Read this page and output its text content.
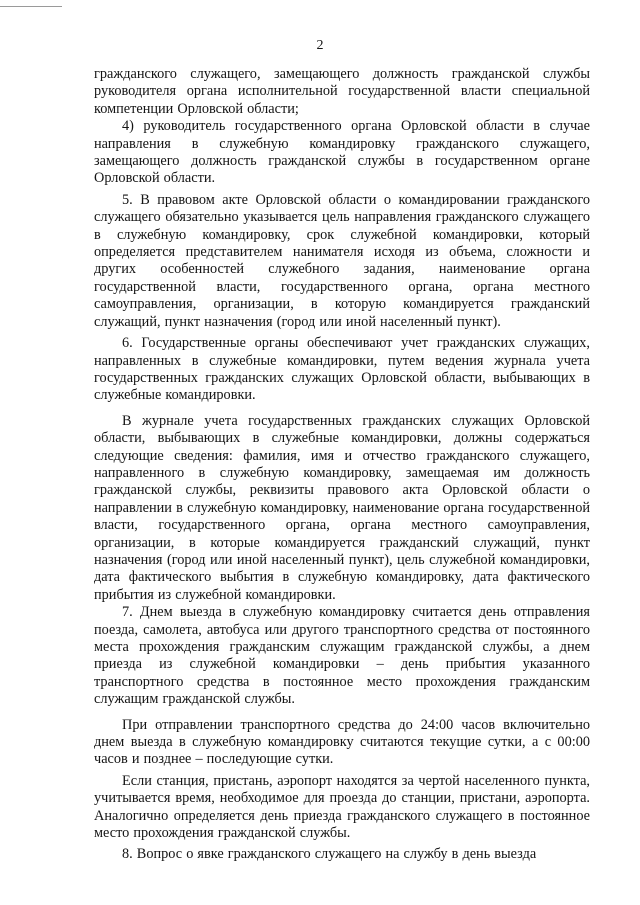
2

гражданского служащего, замещающего должность гражданской службы руководителя органа исполнительной государственной власти специальной компетенции Орловской области;

4) руководитель государственного органа Орловской области в случае направления в служебную командировку гражданского служащего, замещающего должность гражданской службы в государственном органе Орловской области.

5. В правовом акте Орловской области о командировании гражданского служащего обязательно указывается цель направления гражданского служащего в служебную командировку, срок служебной командировки, который определяется представителем нанимателя исходя из объема, сложности и других особенностей служебного задания, наименование органа государственной власти, государственного органа, органа местного самоуправления, организации, в которую командируется гражданский служащий, пункт назначения (город или иной населенный пункт).

6. Государственные органы обеспечивают учет гражданских служащих, направленных в служебные командировки, путем ведения журнала учета государственных гражданских служащих Орловской области, выбывающих в служебные командировки.

В журнале учета государственных гражданских служащих Орловской области, выбывающих в служебные командировки, должны содержаться следующие сведения: фамилия, имя и отчество гражданского служащего, направленного в служебную командировку, замещаемая им должность гражданской службы, реквизиты правового акта Орловской области о направлении в служебную командировку, наименование органа государственной власти, государственного органа, органа местного самоуправления, организации, в которые командируется гражданский служащий, пункт назначения (город или иной населенный пункт), цель служебной командировки, дата фактического выбытия в служебную командировку, дата фактического прибытия из служебной командировки.

7. Днем выезда в служебную командировку считается день отправления поезда, самолета, автобуса или другого транспортного средства от постоянного места прохождения гражданским служащим гражданской службы, а днем приезда из служебной командировки – день прибытия указанного транспортного средства в постоянное место прохождения гражданским служащим гражданской службы.

При отправлении транспортного средства до 24:00 часов включительно днем выезда в служебную командировку считаются текущие сутки, а с 00:00 часов и позднее – последующие сутки.

Если станция, пристань, аэропорт находятся за чертой населенного пункта, учитывается время, необходимое для проезда до станции, пристани, аэропорта. Аналогично определяется день приезда гражданского служащего в постоянное место прохождения гражданской службы.

8. Вопрос о явке гражданского служащего на службу в день выезда
